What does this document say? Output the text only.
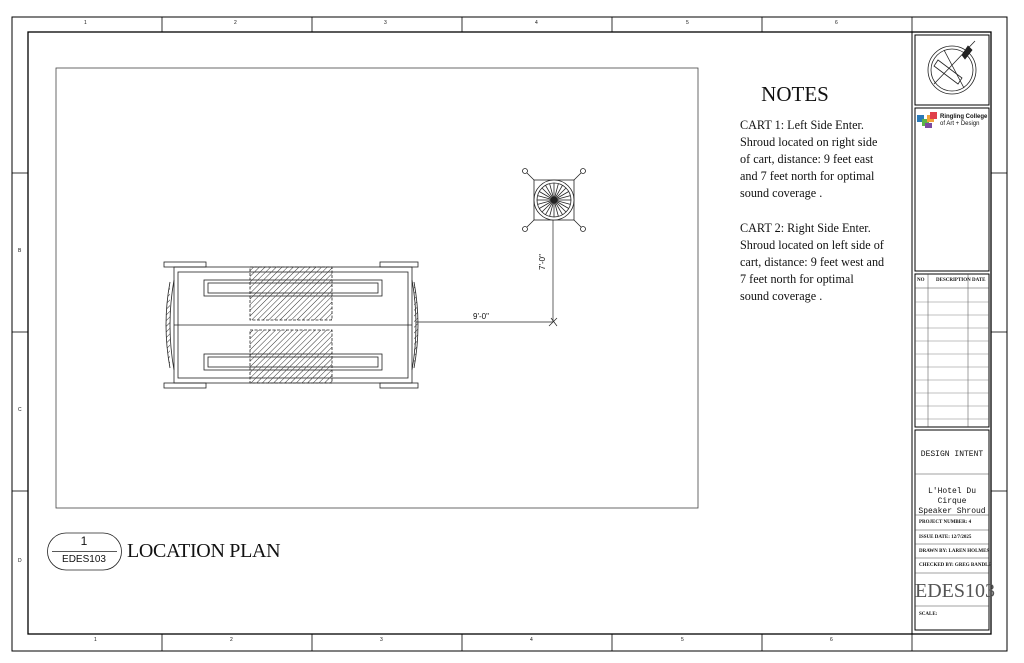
1	2	3	4	5	6
1	2	3	4	5	6
B
C
D
9'-0"
7'-0"
NOTES
CART 1: Left Side Enter. Shroud located on right side of cart, distance: 9 feet east and 7 feet north for optimal sound coverage .
CART 2: Right Side Enter. Shroud located on left side of cart, distance: 9 feet west and 7 feet north for optimal sound coverage .
1
EDES103	LOCATION PLAN
Ringling College
of Art + Design
NO DESCRIPTION DATE
DESIGN INTENT
L'Hotel Du Cirque
Speaker Shroud
PROJECT NUMBER: 4
ISSUE DATE: 12/7/2025
DRAWN BY: LAREN HOLMES
CHECKED BY: GREG BANDLE
EDES103
SCALE:
